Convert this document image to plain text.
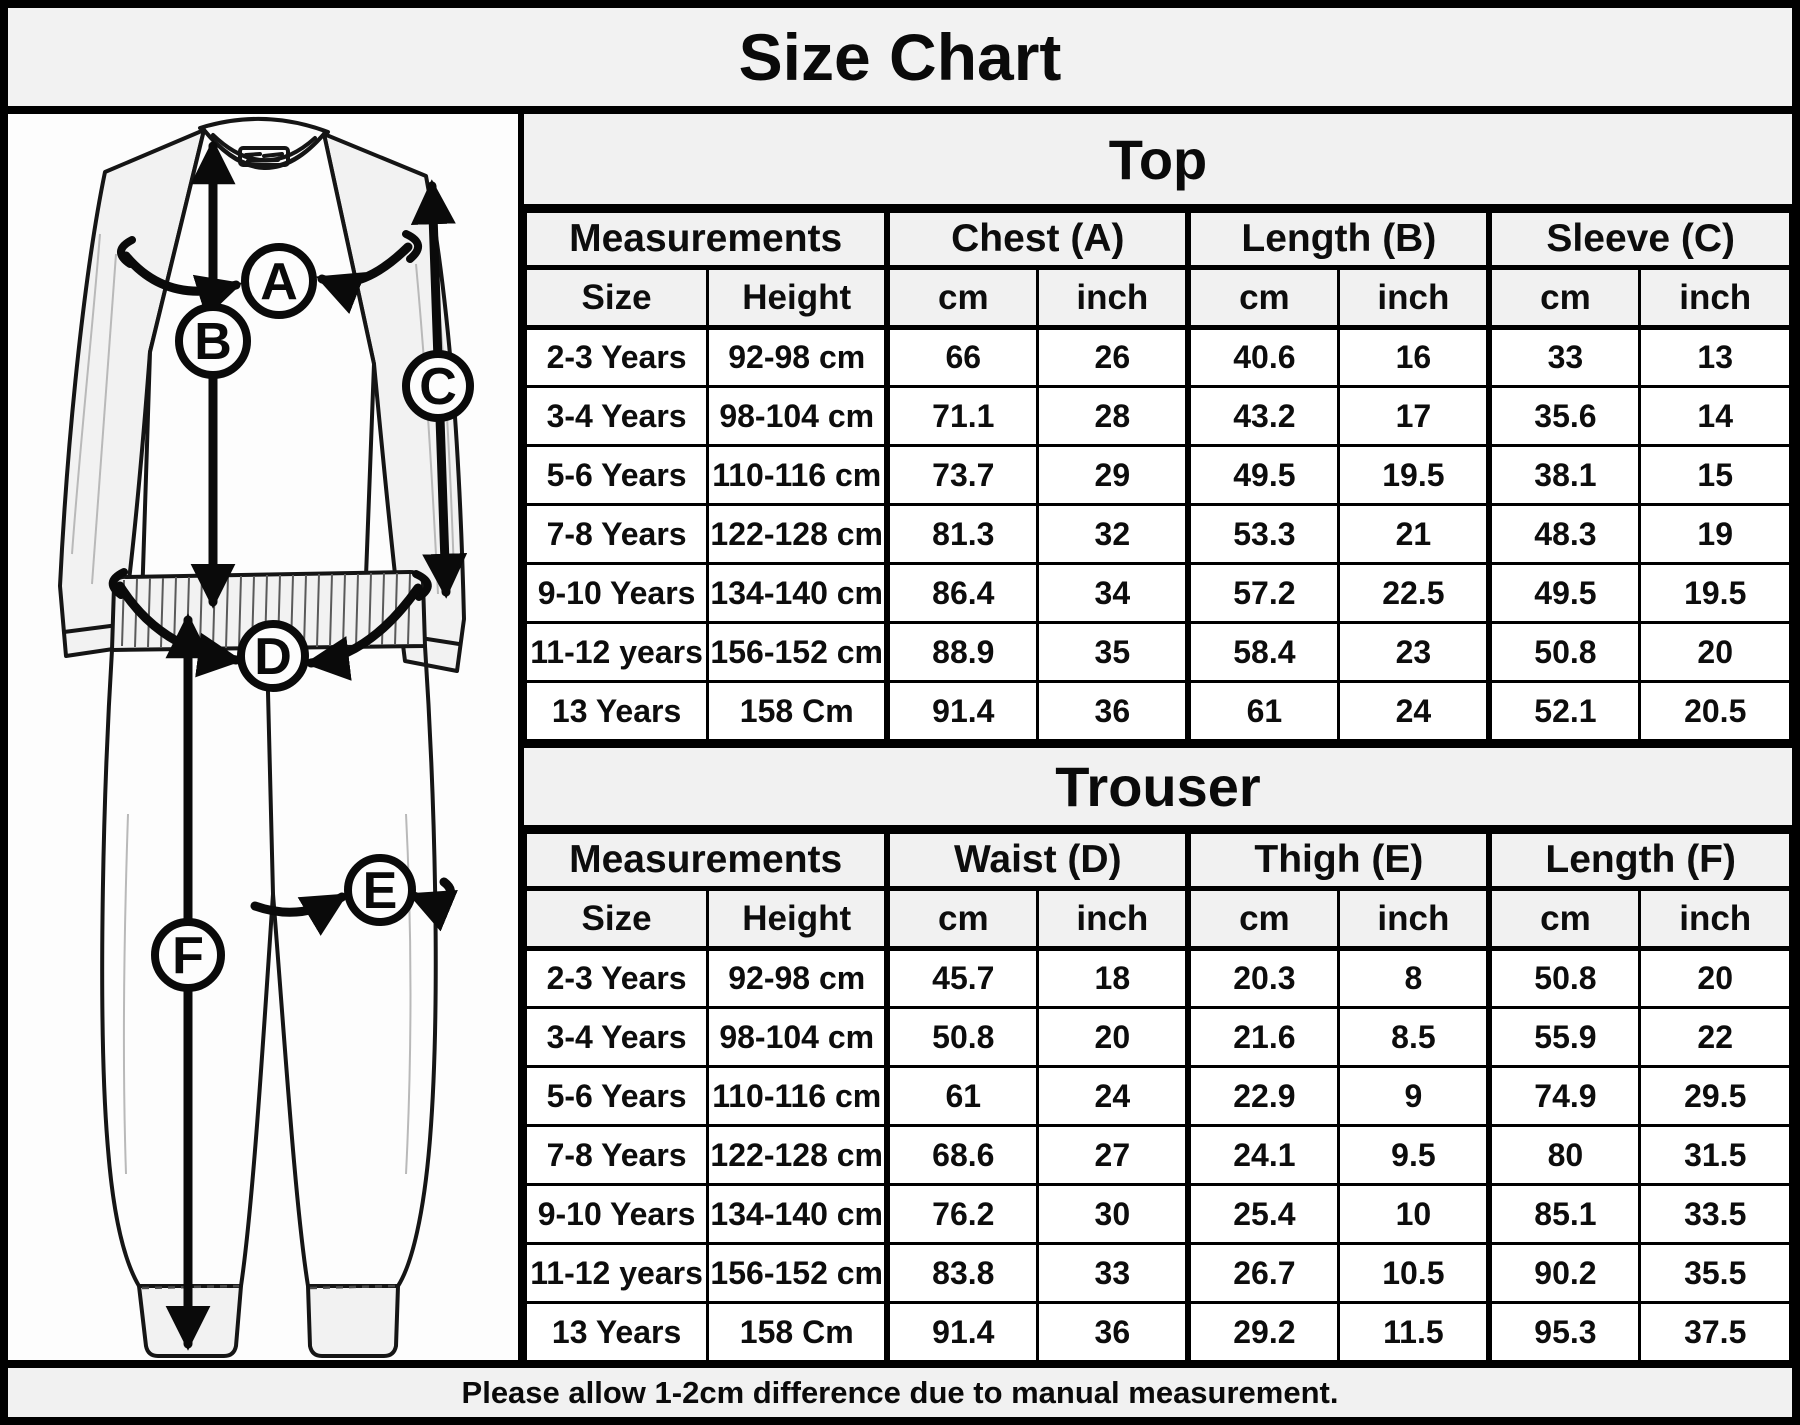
Size Chart
A
B
C
D
E
F
Top
Measurements		Chest (A)		Length (B)		Sleeve (C)	
Size	Height	cm	inch	cm	inch	cm	inch
2-3 Years	92-98 cm	66	26	40.6	16	33	13
3-4 Years	98-104 cm	71.1	28	43.2	17	35.6	14
5-6 Years	110-116 cm	73.7	29	49.5	19.5	38.1	15
7-8 Years	122-128 cm	81.3	32	53.3	21	48.3	19
9-10 Years	134-140 cm	86.4	34	57.2	22.5	49.5	19.5
11-12 years	156-152 cm	88.9	35	58.4	23	50.8	20
13 Years	158 Cm	91.4	36	61	24	52.1	20.5
Trouser
Measurements		Waist (D)		Thigh (E)		Length (F)	
Size	Height	cm	inch	cm	inch	cm	inch
2-3 Years	92-98 cm	45.7	18	20.3	8	50.8	20
3-4 Years	98-104 cm	50.8	20	21.6	8.5	55.9	22
5-6 Years	110-116 cm	61	24	22.9	9	74.9	29.5
7-8 Years	122-128 cm	68.6	27	24.1	9.5	80	31.5
9-10 Years	134-140 cm	76.2	30	25.4	10	85.1	33.5
11-12 years	156-152 cm	83.8	33	26.7	10.5	90.2	35.5
13 Years	158 Cm	91.4	36	29.2	11.5	95.3	37.5
Please allow 1-2cm difference due to manual measurement.
